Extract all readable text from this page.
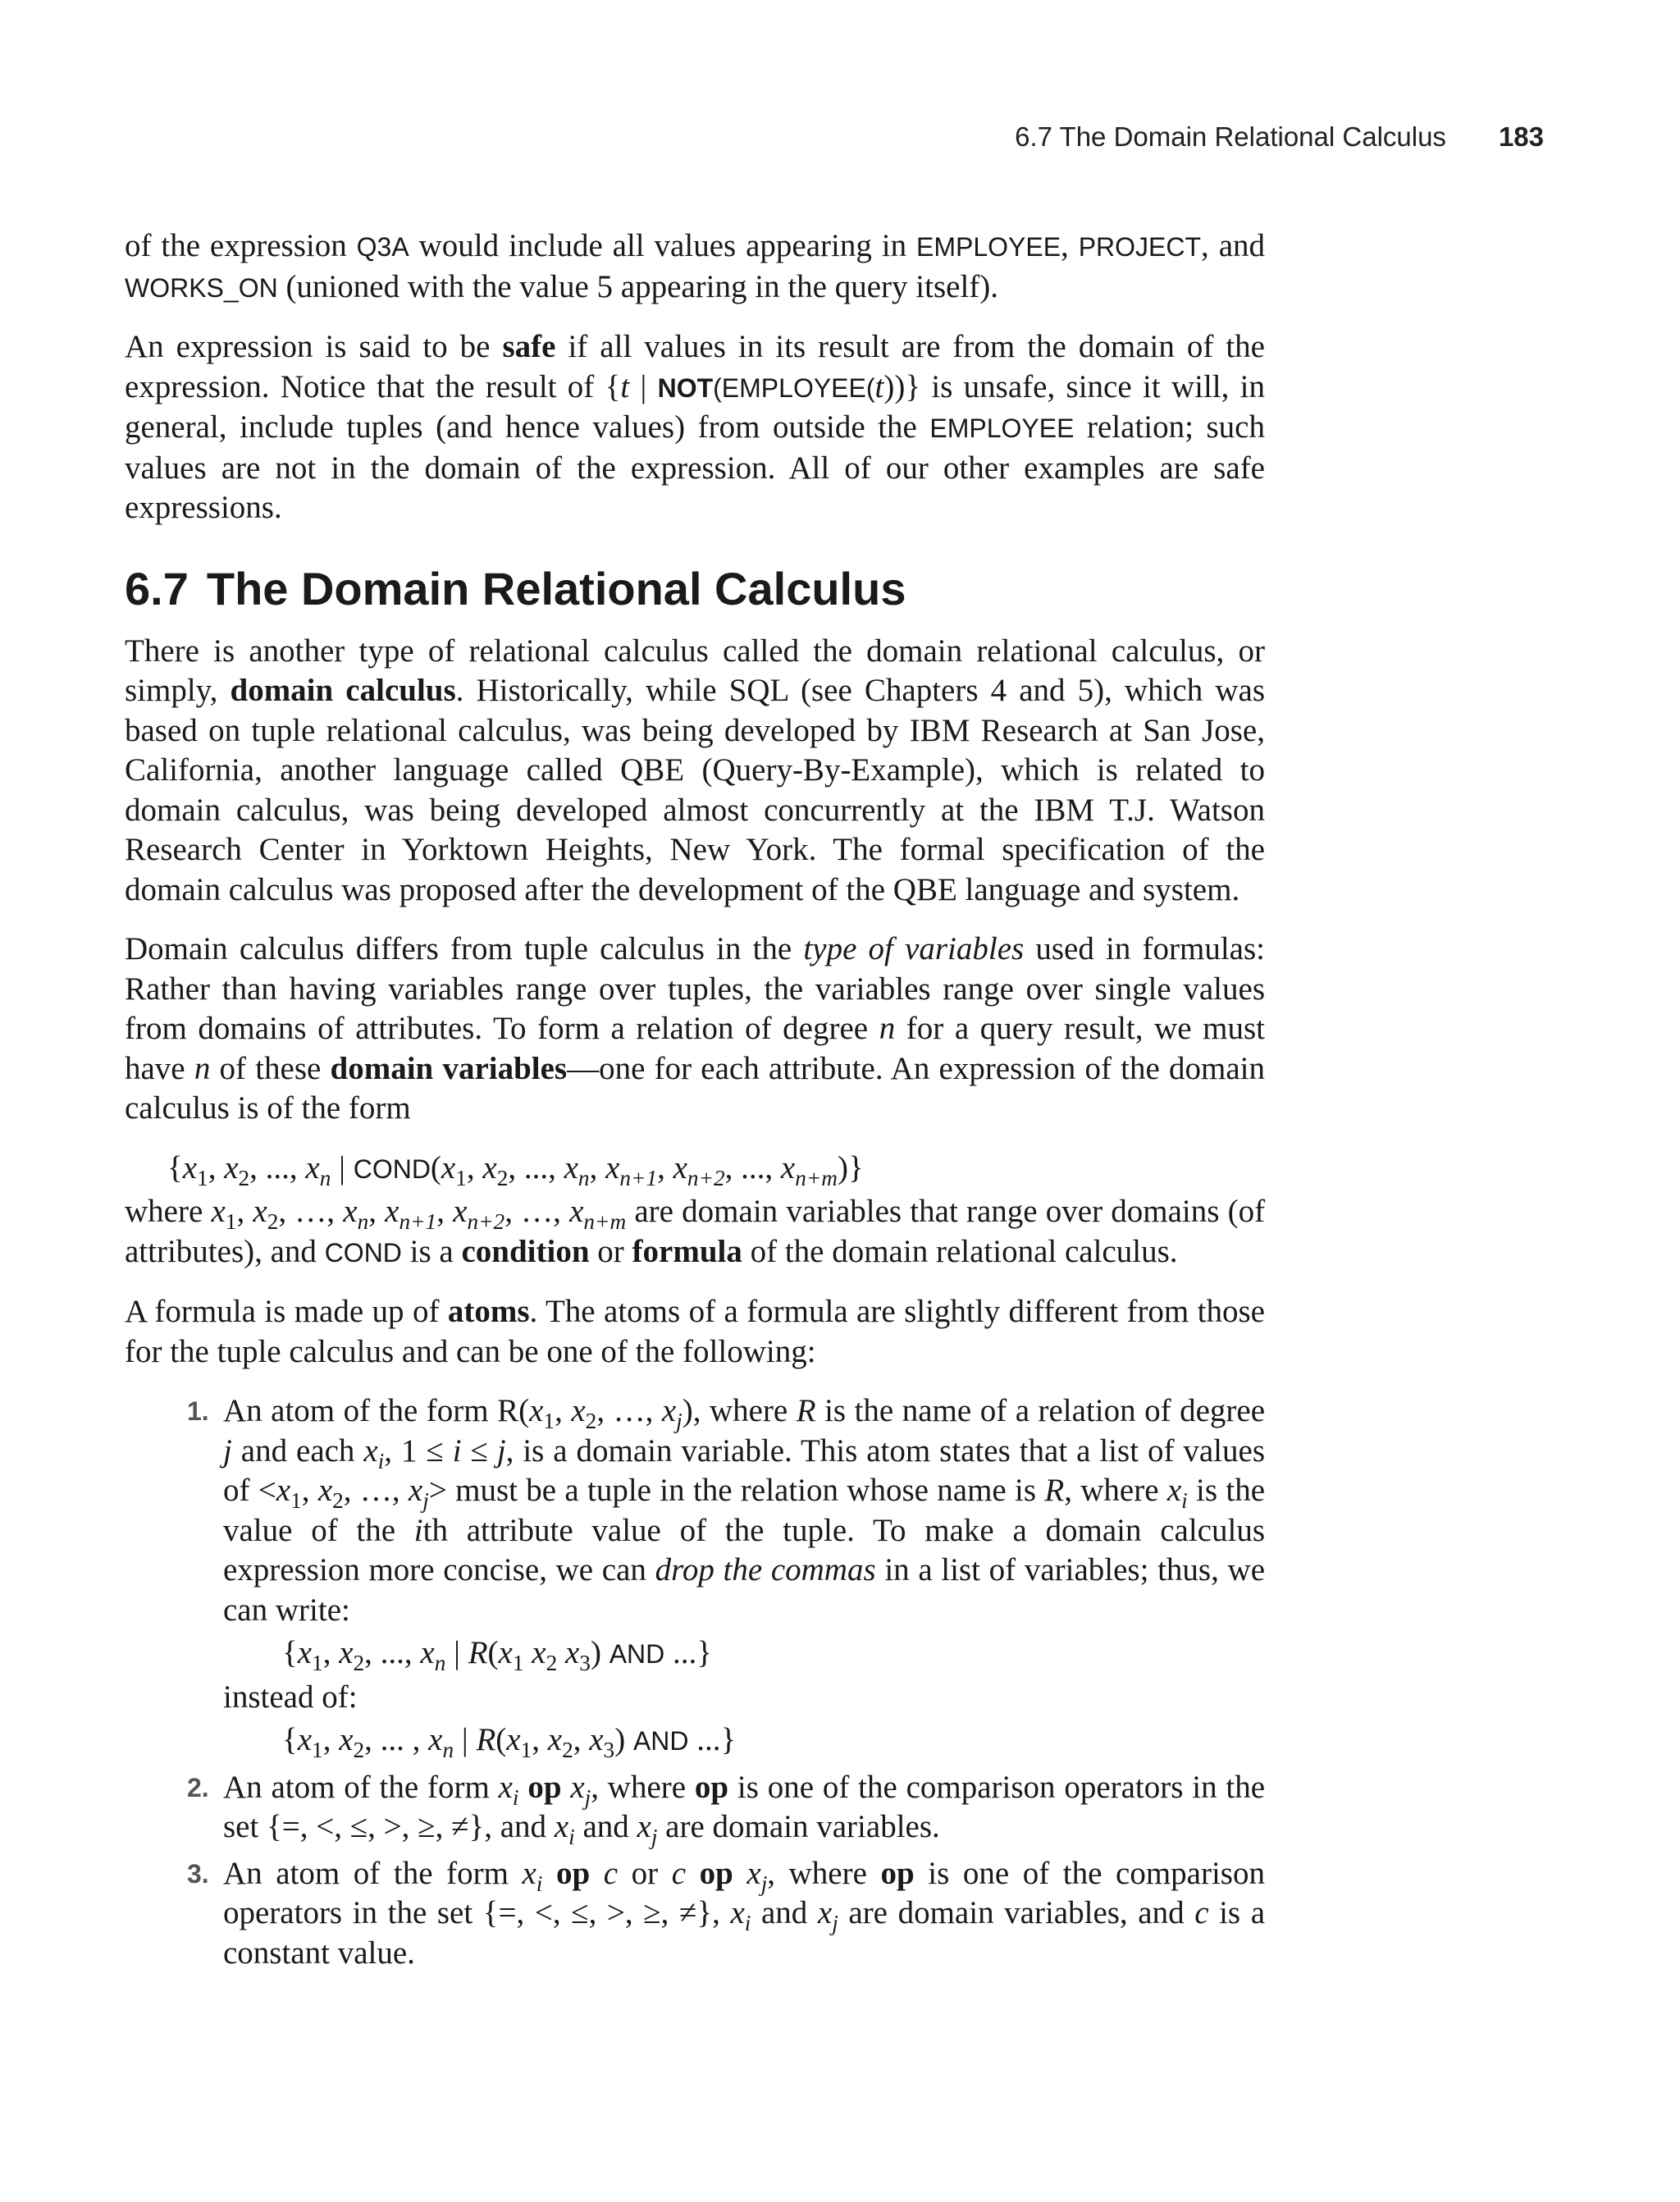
6.7 The Domain Relational Calculus 183

of the expression Q3A would include all values appearing in EMPLOYEE, PROJECT, and WORKS_ON (unioned with the value 5 appearing in the query itself).

An expression is said to be safe if all values in its result are from the domain of the expression. Notice that the result of {t | NOT(EMPLOYEE(t))} is unsafe, since it will, in general, include tuples (and hence values) from outside the EMPLOYEE relation; such values are not in the domain of the expression. All of our other examples are safe expressions.

6.7 The Domain Relational Calculus

There is another type of relational calculus called the domain relational calculus, or simply, domain calculus. Historically, while SQL (see Chapters 4 and 5), which was based on tuple relational calculus, was being developed by IBM Research at San Jose, California, another language called QBE (Query-By-Example), which is related to domain calculus, was being developed almost concurrently at the IBM T.J. Watson Research Center in Yorktown Heights, New York. The formal specification of the domain calculus was proposed after the development of the QBE language and system.

Domain calculus differs from tuple calculus in the type of variables used in formulas: Rather than having variables range over tuples, the variables range over single values from domains of attributes. To form a relation of degree n for a query result, we must have n of these domain variables—one for each attribute. An expression of the domain calculus is of the form

{$x_1$, $x_2$, ..., $x_n$ | $COND(x_1$, $x_2$, ..., $x_n$, $x_{n+1}$, $x_{n+2}$, ..., $x_{n+m}$)}

where $x_1$, $x_2$, …, $x_n$, $x_{n+1}$, $x_{n+2}$, …, $x_{n+m}$ are domain variables that range over domains (of attributes), and COND is a condition or formula of the domain relational calculus.

A formula is made up of atoms. The atoms of a formula are slightly different from those for the tuple calculus and can be one of the following:

1. An atom of the form $R(x_1$, $x_2$, …, $x_j$), where R is the name of a relation of degree j and each $x_i$, 1 ≤ i ≤ j, is a domain variable. This atom states that a list of values of $<x_1$, $x_2$, …, $x_j>$ must be a tuple in the relation whose name is R, where $x_i$ is the value of the ith attribute value of the tuple. To make a domain calculus expression more concise, we can drop the commas in a list of variables; thus, we can write:
{$x_1$, $x_2$, ..., $x_n$ | $R(x_1$ $x_2$ $x_3$) AND ...}
instead of:
{$x_1$, $x_2$, ... , $x_n$ | $R(x_1$, $x_2$, $x_3$) AND ...}
2. An atom of the form $x_i$ op $x_j$, where op is one of the comparison operators in the set {=, <, ≤, >, ≥, ≠}, and $x_i$ and $x_j$ are domain variables.
3. An atom of the form $x_i$ op c or c op $x_j$, where op is one of the comparison operators in the set {=, <, ≤, >, ≥, ≠}, $x_i$ and $x_j$ are domain variables, and c is a constant value.
